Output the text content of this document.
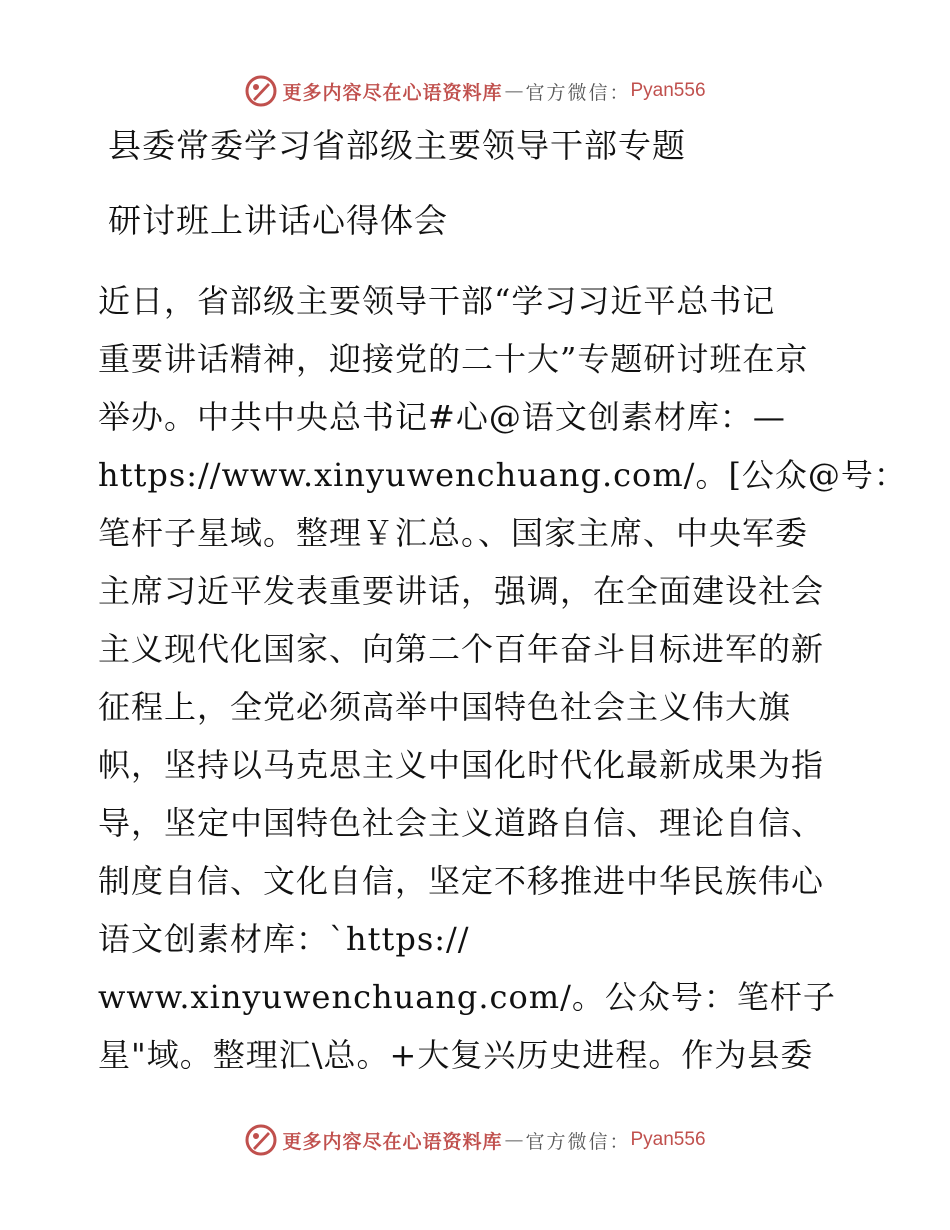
更多内容尽在心语资料库 — 官方微信： Pyan556
县委常委学习省部级主要领导干部专题
研讨班上讲话心得体会
近日，省部级主要领导干部“学习习近平总书记
重要讲话精神，迎接党的二十大”专题研讨班在京
举办。中共中央总书记#心@语文创素材库：—
https://www.xinyuwenchuang.com/。[公众@号：
笔杆子星域。整理￥汇总。、国家主席、中央军委
主席习近平发表重要讲话，强调，在全面建设社会
主义现代化国家、向第二个百年奋斗目标进军的新
征程上，全党必须高举中国特色社会主义伟大旗
帜，坚持以马克思主义中国化时代化最新成果为指
导，坚定中国特色社会主义道路自信、理论自信、
制度自信、文化自信，坚定不移推进中华民族伟心
语文创素材库：`https://
www.xinyuwenchuang.com/。公众号：笔杆子
星"域。整理汇\总。+大复兴历史进程。作为县委
更多内容尽在心语资料库 — 官方微信： Pyan556
